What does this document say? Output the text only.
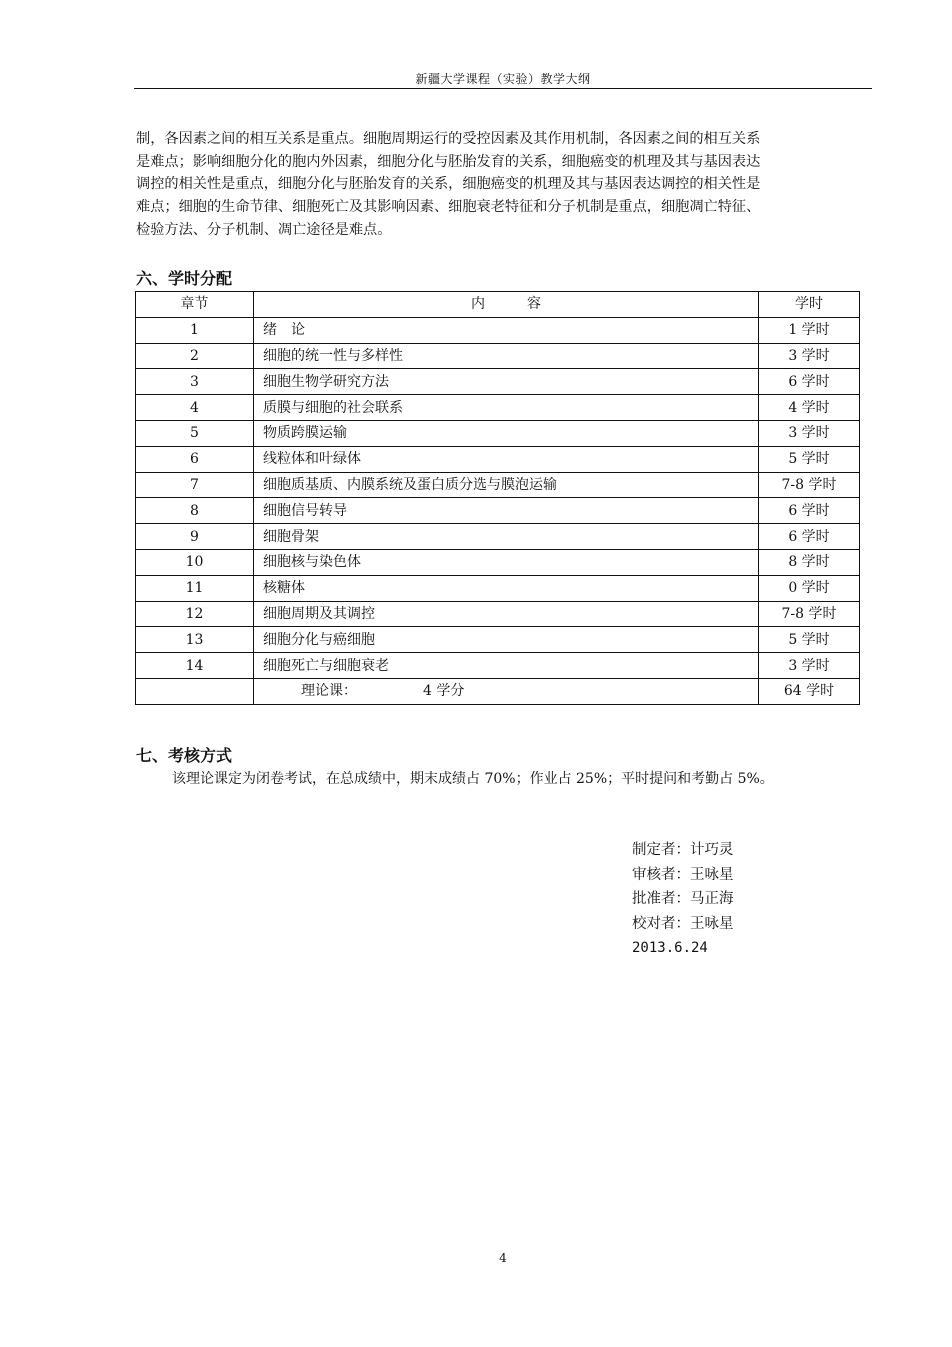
新疆大学课程（实验）教学大纲
制，各因素之间的相互关系是重点。细胞周期运行的受控因素及其作用机制，各因素之间的相互关系
是难点；影响细胞分化的胞内外因素，细胞分化与胚胎发育的关系，细胞癌变的机理及其与基因表达
调控的相关性是重点，细胞分化与胚胎发育的关系，细胞癌变的机理及其与基因表达调控的相关性是
难点；细胞的生命节律、细胞死亡及其影响因素、细胞衰老特征和分子机制是重点，细胞凋亡特征、
检验方法、分子机制、凋亡途径是难点。
六、学时分配
章节	内　　　容	学时
1	绪　论	1 学时
2	细胞的统一性与多样性	3 学时
3	细胞生物学研究方法	6 学时
4	质膜与细胞的社会联系	4 学时
5	物质跨膜运输	3 学时
6	线粒体和叶绿体	5 学时
7	细胞质基质、内膜系统及蛋白质分选与膜泡运输	7-8 学时
8	细胞信号转导	6 学时
9	细胞骨架	6 学时
10	细胞核与染色体	8 学时
11	核糖体	0 学时
12	细胞周期及其调控	7-8 学时
13	细胞分化与癌细胞	5 学时
14	细胞死亡与细胞衰老	3 学时
	理论课： 4 学分	64 学时
七、考核方式
该理论课定为闭卷考试，在总成绩中，期末成绩占 70%；作业占 25%；平时提问和考勤占 5%。
制定者：计巧灵
审核者：王咏星
批准者：马正海
校对者：王咏星
2013.6.24
4
